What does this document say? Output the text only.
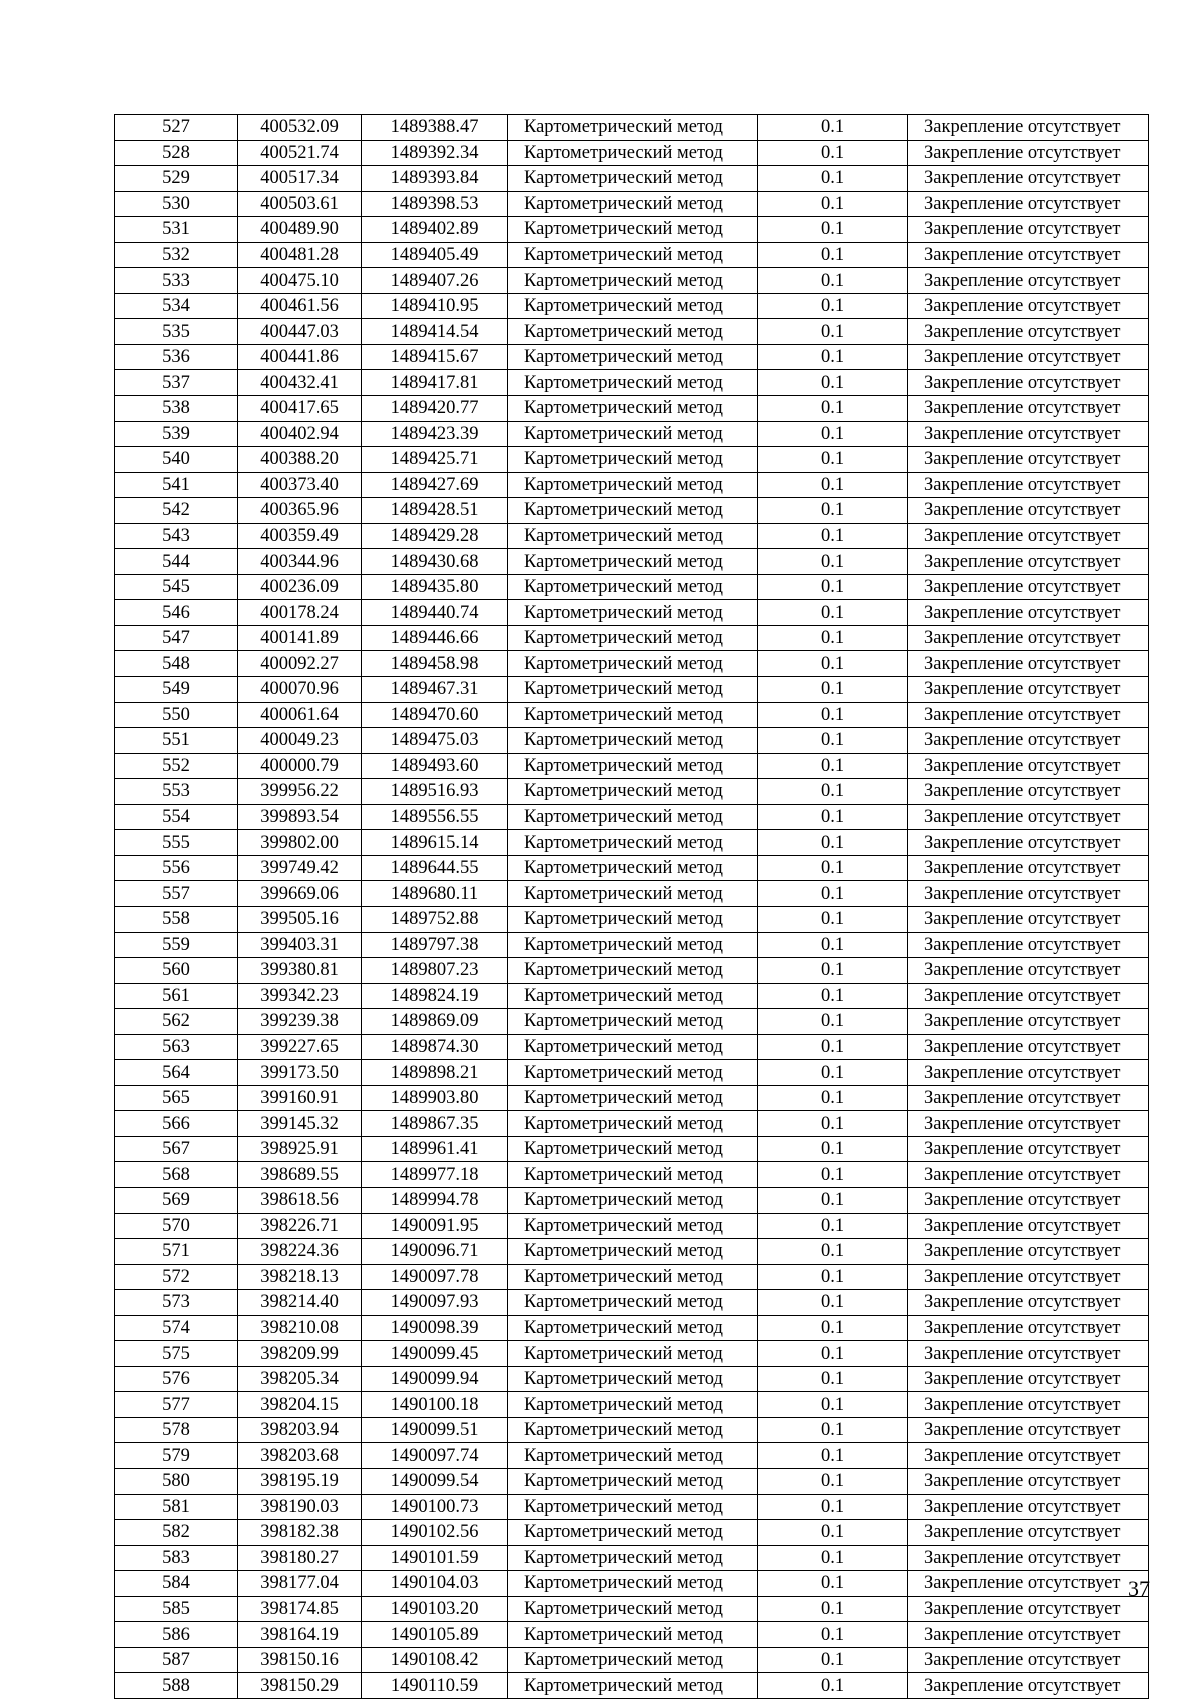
527	400532.09	1489388.47	Картометрический метод	0.1	Закрепление отсутствует
528	400521.74	1489392.34	Картометрический метод	0.1	Закрепление отсутствует
529	400517.34	1489393.84	Картометрический метод	0.1	Закрепление отсутствует
530	400503.61	1489398.53	Картометрический метод	0.1	Закрепление отсутствует
531	400489.90	1489402.89	Картометрический метод	0.1	Закрепление отсутствует
532	400481.28	1489405.49	Картометрический метод	0.1	Закрепление отсутствует
533	400475.10	1489407.26	Картометрический метод	0.1	Закрепление отсутствует
534	400461.56	1489410.95	Картометрический метод	0.1	Закрепление отсутствует
535	400447.03	1489414.54	Картометрический метод	0.1	Закрепление отсутствует
536	400441.86	1489415.67	Картометрический метод	0.1	Закрепление отсутствует
537	400432.41	1489417.81	Картометрический метод	0.1	Закрепление отсутствует
538	400417.65	1489420.77	Картометрический метод	0.1	Закрепление отсутствует
539	400402.94	1489423.39	Картометрический метод	0.1	Закрепление отсутствует
540	400388.20	1489425.71	Картометрический метод	0.1	Закрепление отсутствует
541	400373.40	1489427.69	Картометрический метод	0.1	Закрепление отсутствует
542	400365.96	1489428.51	Картометрический метод	0.1	Закрепление отсутствует
543	400359.49	1489429.28	Картометрический метод	0.1	Закрепление отсутствует
544	400344.96	1489430.68	Картометрический метод	0.1	Закрепление отсутствует
545	400236.09	1489435.80	Картометрический метод	0.1	Закрепление отсутствует
546	400178.24	1489440.74	Картометрический метод	0.1	Закрепление отсутствует
547	400141.89	1489446.66	Картометрический метод	0.1	Закрепление отсутствует
548	400092.27	1489458.98	Картометрический метод	0.1	Закрепление отсутствует
549	400070.96	1489467.31	Картометрический метод	0.1	Закрепление отсутствует
550	400061.64	1489470.60	Картометрический метод	0.1	Закрепление отсутствует
551	400049.23	1489475.03	Картометрический метод	0.1	Закрепление отсутствует
552	400000.79	1489493.60	Картометрический метод	0.1	Закрепление отсутствует
553	399956.22	1489516.93	Картометрический метод	0.1	Закрепление отсутствует
554	399893.54	1489556.55	Картометрический метод	0.1	Закрепление отсутствует
555	399802.00	1489615.14	Картометрический метод	0.1	Закрепление отсутствует
556	399749.42	1489644.55	Картометрический метод	0.1	Закрепление отсутствует
557	399669.06	1489680.11	Картометрический метод	0.1	Закрепление отсутствует
558	399505.16	1489752.88	Картометрический метод	0.1	Закрепление отсутствует
559	399403.31	1489797.38	Картометрический метод	0.1	Закрепление отсутствует
560	399380.81	1489807.23	Картометрический метод	0.1	Закрепление отсутствует
561	399342.23	1489824.19	Картометрический метод	0.1	Закрепление отсутствует
562	399239.38	1489869.09	Картометрический метод	0.1	Закрепление отсутствует
563	399227.65	1489874.30	Картометрический метод	0.1	Закрепление отсутствует
564	399173.50	1489898.21	Картометрический метод	0.1	Закрепление отсутствует
565	399160.91	1489903.80	Картометрический метод	0.1	Закрепление отсутствует
566	399145.32	1489867.35	Картометрический метод	0.1	Закрепление отсутствует
567	398925.91	1489961.41	Картометрический метод	0.1	Закрепление отсутствует
568	398689.55	1489977.18	Картометрический метод	0.1	Закрепление отсутствует
569	398618.56	1489994.78	Картометрический метод	0.1	Закрепление отсутствует
570	398226.71	1490091.95	Картометрический метод	0.1	Закрепление отсутствует
571	398224.36	1490096.71	Картометрический метод	0.1	Закрепление отсутствует
572	398218.13	1490097.78	Картометрический метод	0.1	Закрепление отсутствует
573	398214.40	1490097.93	Картометрический метод	0.1	Закрепление отсутствует
574	398210.08	1490098.39	Картометрический метод	0.1	Закрепление отсутствует
575	398209.99	1490099.45	Картометрический метод	0.1	Закрепление отсутствует
576	398205.34	1490099.94	Картометрический метод	0.1	Закрепление отсутствует
577	398204.15	1490100.18	Картометрический метод	0.1	Закрепление отсутствует
578	398203.94	1490099.51	Картометрический метод	0.1	Закрепление отсутствует
579	398203.68	1490097.74	Картометрический метод	0.1	Закрепление отсутствует
580	398195.19	1490099.54	Картометрический метод	0.1	Закрепление отсутствует
581	398190.03	1490100.73	Картометрический метод	0.1	Закрепление отсутствует
582	398182.38	1490102.56	Картометрический метод	0.1	Закрепление отсутствует
583	398180.27	1490101.59	Картометрический метод	0.1	Закрепление отсутствует
584	398177.04	1490104.03	Картометрический метод	0.1	Закрепление отсутствует
585	398174.85	1490103.20	Картометрический метод	0.1	Закрепление отсутствует
586	398164.19	1490105.89	Картометрический метод	0.1	Закрепление отсутствует
587	398150.16	1490108.42	Картометрический метод	0.1	Закрепление отсутствует
588	398150.29	1490110.59	Картометрический метод	0.1	Закрепление отсутствует
37
